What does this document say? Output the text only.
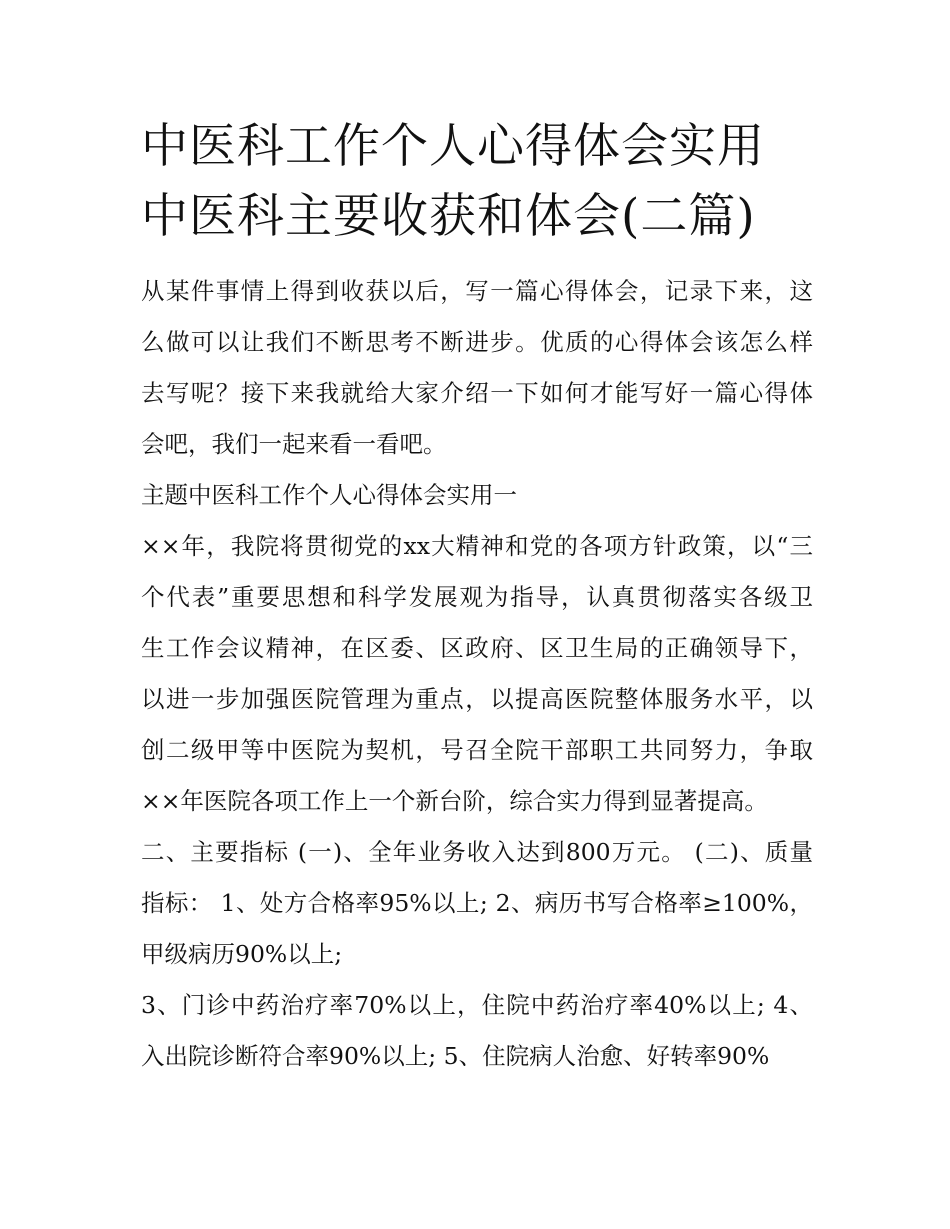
中医科工作个人心得体会实用
中医科主要收获和体会(二篇)

从某件事情上得到收获以后，写一篇心得体会，记录下来，这
么做可以让我们不断思考不断进步。优质的心得体会该怎么样
去写呢？接下来我就给大家介绍一下如何才能写好一篇心得体
会吧，我们一起来看一看吧。

主题中医科工作个人心得体会实用一

××年，我院将贯彻党的xx大精神和党的各项方针政策，以“三
个代表”重要思想和科学发展观为指导，认真贯彻落实各级卫
生工作会议精神，在区委、区政府、区卫生局的正确领导下，
以进一步加强医院管理为重点，以提高医院整体服务水平，以
创二级甲等中医院为契机，号召全院干部职工共同努力，争取
××年医院各项工作上一个新台阶，综合实力得到显著提高。

二、主要指标 (一)、全年业务收入达到800万元。 (二)、质量
指标： 1、处方合格率95%以上; 2、病历书写合格率≥100%，
甲级病历90%以上;

3、门诊中药治疗率70%以上，住院中药治疗率40%以上; 4、
入出院诊断符合率90%以上; 5、住院病人治愈、好转率90%
